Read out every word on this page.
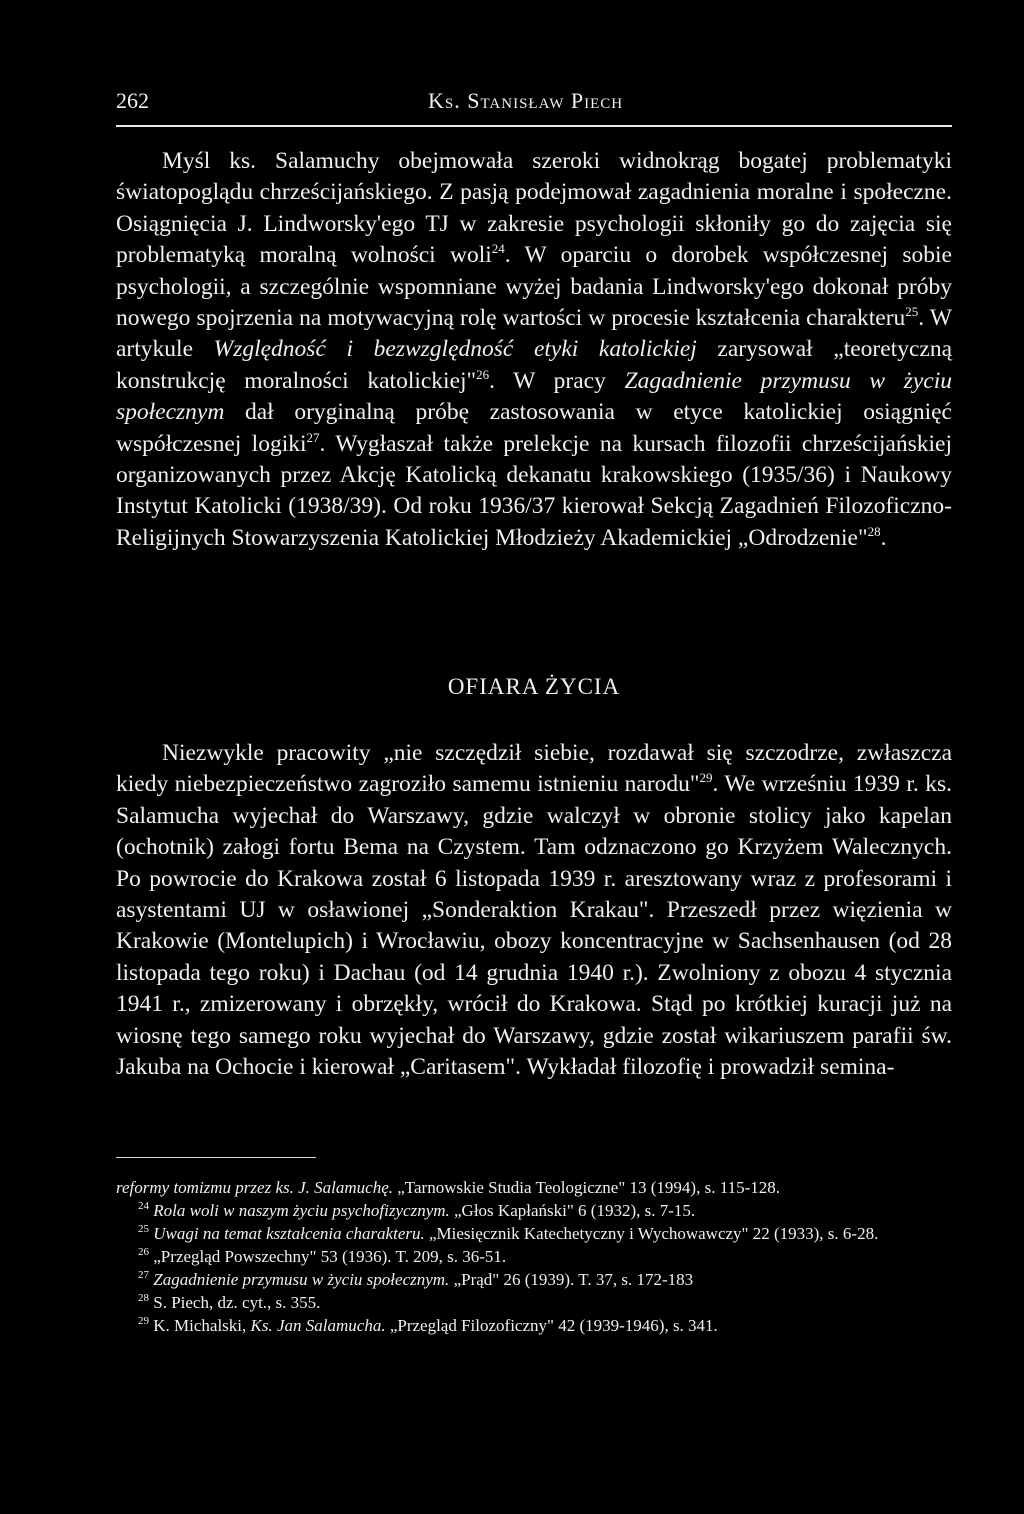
262	Ks. Stanisław Piech

Myśl ks. Salamuchy obejmowała szeroki widnokrąg bogatej problematyki światopoglądu chrześcijańskiego. Z pasją podejmował zagadnienia moralne i społeczne. Osiągnięcia J. Lindworsky'ego TJ w zakresie psychologii skłoniły go do zajęcia się problematyką moralną wolności woli$^{24}$. W oparciu o dorobek współczesnej sobie psychologii, a szczególnie wspomniane wyżej badania Lindworsky'ego dokonał próby nowego spojrzenia na motywacyjną rolę wartości w procesie kształcenia charakteru$^{25}$. W artykule Względność i bezwzględność etyki katolickiej zarysował „teoretyczną konstrukcję moralności katolickiej"$^{26}$. W pracy Zagadnienie przymusu w życiu społecznym dał oryginalną próbę zastosowania w etyce katolickiej osiągnięć współczesnej logiki$^{27}$. Wygłaszał także prelekcje na kursach filozofii chrześcijańskiej organizowanych przez Akcję Katolicką dekanatu krakowskiego (1935/36) i Naukowy Instytut Katolicki (1938/39). Od roku 1936/37 kierował Sekcją Zagadnień Filozoficzno-Religijnych Stowarzyszenia Katolickiej Młodzieży Akademickiej „Odrodzenie"$^{28}$.

OFIARA ŻYCIA

Niezwykle pracowity „nie szczędził siebie, rozdawał się szczodrze, zwłaszcza kiedy niebezpieczeństwo zagroziło samemu istnieniu narodu"$^{29}$. We wrześniu 1939 r. ks. Salamucha wyjechał do Warszawy, gdzie walczył w obronie stolicy jako kapelan (ochotnik) załogi fortu Bema na Czystem. Tam odznaczono go Krzyżem Walecznych. Po powrocie do Krakowa został 6 listopada 1939 r. aresztowany wraz z profesorami i asystentami UJ w osławionej „Sonderaktion Krakau". Przeszedł przez więzienia w Krakowie (Montelupich) i Wrocławiu, obozy koncentracyjne w Sachsenhausen (od 28 listopada tego roku) i Dachau (od 14 grudnia 1940 r.). Zwolniony z obozu 4 stycznia 1941 r., zmizerowany i obrzękły, wrócił do Krakowa. Stąd po krótkiej kuracji już na wiosnę tego samego roku wyjechał do Warszawy, gdzie został wikariuszem parafii św. Jakuba na Ochocie i kierował „Caritasem". Wykładał filozofię i prowadził semina-

reformy tomizmu przez ks. J. Salamuchę. „Tarnowskie Studia Teologiczne" 13 (1994), s. 115-128.

$^{24}$ Rola woli w naszym życiu psychofizycznym. „Głos Kapłański" 6 (1932), s. 7-15.

$^{25}$ Uwagi na temat kształcenia charakteru. „Miesięcznik Katechetyczny i Wychowawczy" 22 (1933), s. 6-28.

$^{26}$ „Przegląd Powszechny" 53 (1936). T. 209, s. 36-51.

$^{27}$ Zagadnienie przymusu w życiu społecznym. „Prąd" 26 (1939). T. 37, s. 172-183

$^{28}$ S. Piech, dz. cyt., s. 355.

$^{29}$ K. Michalski, Ks. Jan Salamucha. „Przegląd Filozoficzny" 42 (1939-1946), s. 341.
